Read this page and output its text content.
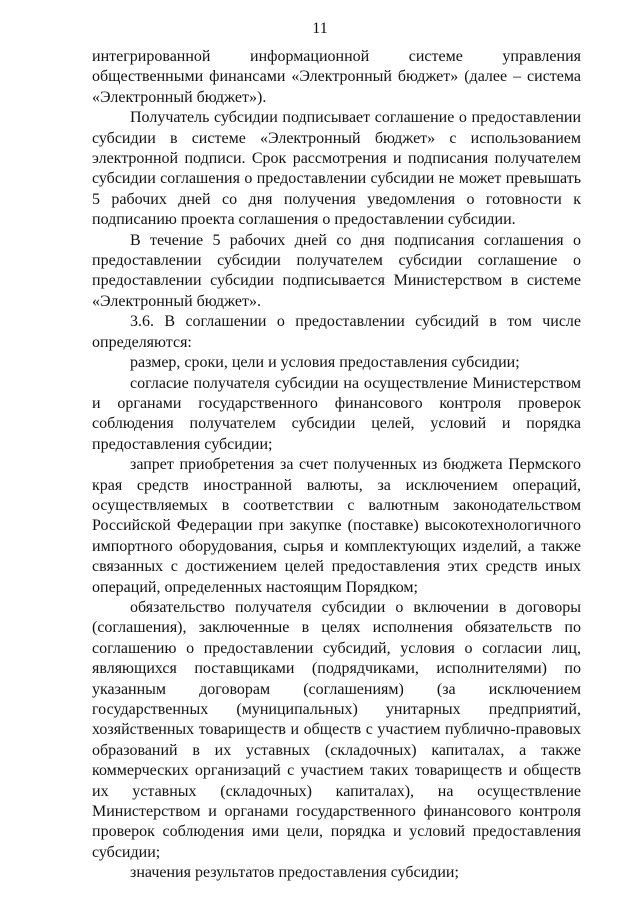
11

интегрированной информационной системе управления общественными финансами «Электронный бюджет» (далее – система «Электронный бюджет»).

Получатель субсидии подписывает соглашение о предоставлении субсидии в системе «Электронный бюджет» с использованием электронной подписи. Срок рассмотрения и подписания получателем субсидии соглашения о предоставлении субсидии не может превышать 5 рабочих дней со дня получения уведомления о готовности к подписанию проекта соглашения о предоставлении субсидии.

В течение 5 рабочих дней со дня подписания соглашения о предоставлении субсидии получателем субсидии соглашение о предоставлении субсидии подписывается Министерством в системе «Электронный бюджет».

3.6. В соглашении о предоставлении субсидий в том числе определяются:

размер, сроки, цели и условия предоставления субсидии;

согласие получателя субсидии на осуществление Министерством и органами государственного финансового контроля проверок соблюдения получателем субсидии целей, условий и порядка предоставления субсидии;

запрет приобретения за счет полученных из бюджета Пермского края средств иностранной валюты, за исключением операций, осуществляемых в соответствии с валютным законодательством Российской Федерации при закупке (поставке) высокотехнологичного импортного оборудования, сырья и комплектующих изделий, а также связанных с достижением целей предоставления этих средств иных операций, определенных настоящим Порядком;

обязательство получателя субсидии о включении в договоры (соглашения), заключенные в целях исполнения обязательств по соглашению о предоставлении субсидий, условия о согласии лиц, являющихся поставщиками (подрядчиками, исполнителями) по указанным договорам (соглашениям) (за исключением государственных (муниципальных) унитарных предприятий, хозяйственных товариществ и обществ с участием публично-правовых образований в их уставных (складочных) капиталах, а также коммерческих организаций с участием таких товариществ и обществ их уставных (складочных) капиталах), на осуществление Министерством и органами государственного финансового контроля проверок соблюдения ими цели, порядка и условий предоставления субсидии;

значения результатов предоставления субсидии;
